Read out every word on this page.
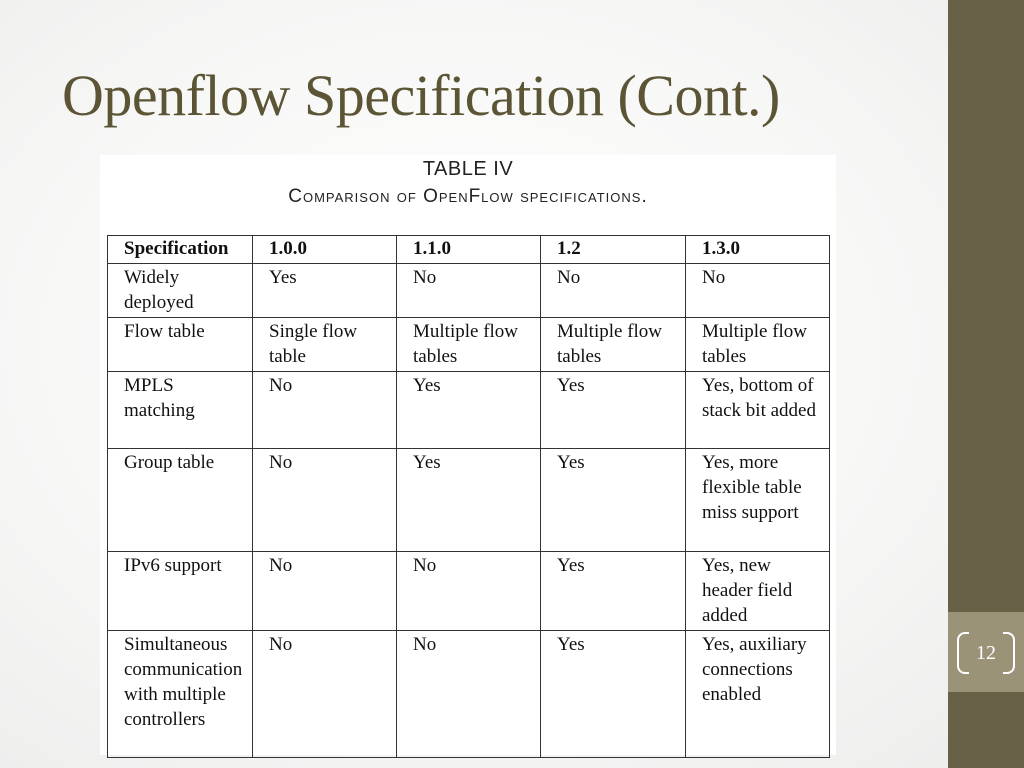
12
Openflow Specification (Cont.)
TABLE IV
Comparison of OpenFlow specifications.
Specification	1.0.0	1.1.0	1.2	1.3.0
Widely deployed	Yes	No	No	No
Flow table	Single flow table	Multiple flow tables	Multiple flow tables	Multiple flow tables
MPLS matching	No	Yes	Yes	Yes, bottom of stack bit added
Group table	No	Yes	Yes	Yes, more flexible table miss support
IPv6 support	No	No	Yes	Yes, new header field added
Simultaneous communication with multiple controllers	No	No	Yes	Yes, auxiliary connections enabled
